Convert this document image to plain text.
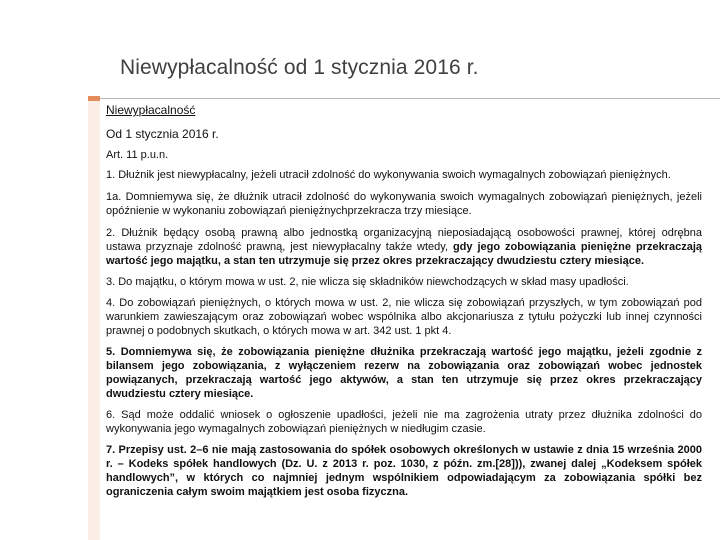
Niewypłacalność od 1 stycznia 2016 r.

Niewypłacalność

Od 1 stycznia 2016 r.

Art. 11 p.u.n.

1. Dłużnik jest niewypłacalny, jeżeli utracił zdolność do wykonywania swoich wymagalnych zobowiązań pieniężnych.

1a. Domniemywa się, że dłużnik utracił zdolność do wykonywania swoich wymagalnych zobowiązań pieniężnych, jeżeli opóźnienie w wykonaniu zobowiązań pieniężnychprzekracza trzy miesiące.

2. Dłużnik będący osobą prawną albo jednostką organizacyjną nieposiadającą osobowości prawnej, której odrębna ustawa przyznaje zdolność prawną, jest niewypłacalny także wtedy, gdy jego zobowiązania pieniężne przekraczają wartość jego majątku, a stan ten utrzymuje się przez okres przekraczający dwudziestu cztery miesiące.

3. Do majątku, o którym mowa w ust. 2, nie wlicza się składników niewchodzących w skład masy upadłości.

4. Do zobowiązań pieniężnych, o których mowa w ust. 2, nie wlicza się zobowiązań przyszłych, w tym zobowiązań pod warunkiem zawieszającym oraz zobowiązań wobec wspólnika albo akcjonariusza z tytułu pożyczki lub innej czynności prawnej o podobnych skutkach, o których mowa w art. 342 ust. 1 pkt 4.

5. Domniemywa się, że zobowiązania pieniężne dłużnika przekraczają wartość jego majątku, jeżeli zgodnie z bilansem jego zobowiązania, z wyłączeniem rezerw na zobowiązania oraz zobowiązań wobec jednostek powiązanych, przekraczają wartość jego aktywów, a stan ten utrzymuje się przez okres przekraczający dwudziestu cztery miesiące.

6. Sąd może oddalić wniosek o ogłoszenie upadłości, jeżeli nie ma zagrożenia utraty przez dłużnika zdolności do wykonywania jego wymagalnych zobowiązań pieniężnych w niedługim czasie.

7. Przepisy ust. 2–6 nie mają zastosowania do spółek osobowych określonych w ustawie z dnia 15 września 2000 r. – Kodeks spółek handlowych (Dz. U. z 2013 r. poz. 1030, z późn. zm.[28])), zwanej dalej „Kodeksem spółek handlowych”, w których co najmniej jednym wspólnikiem odpowiadającym za zobowiązania spółki bez ograniczenia całym swoim majątkiem jest osoba fizyczna.
